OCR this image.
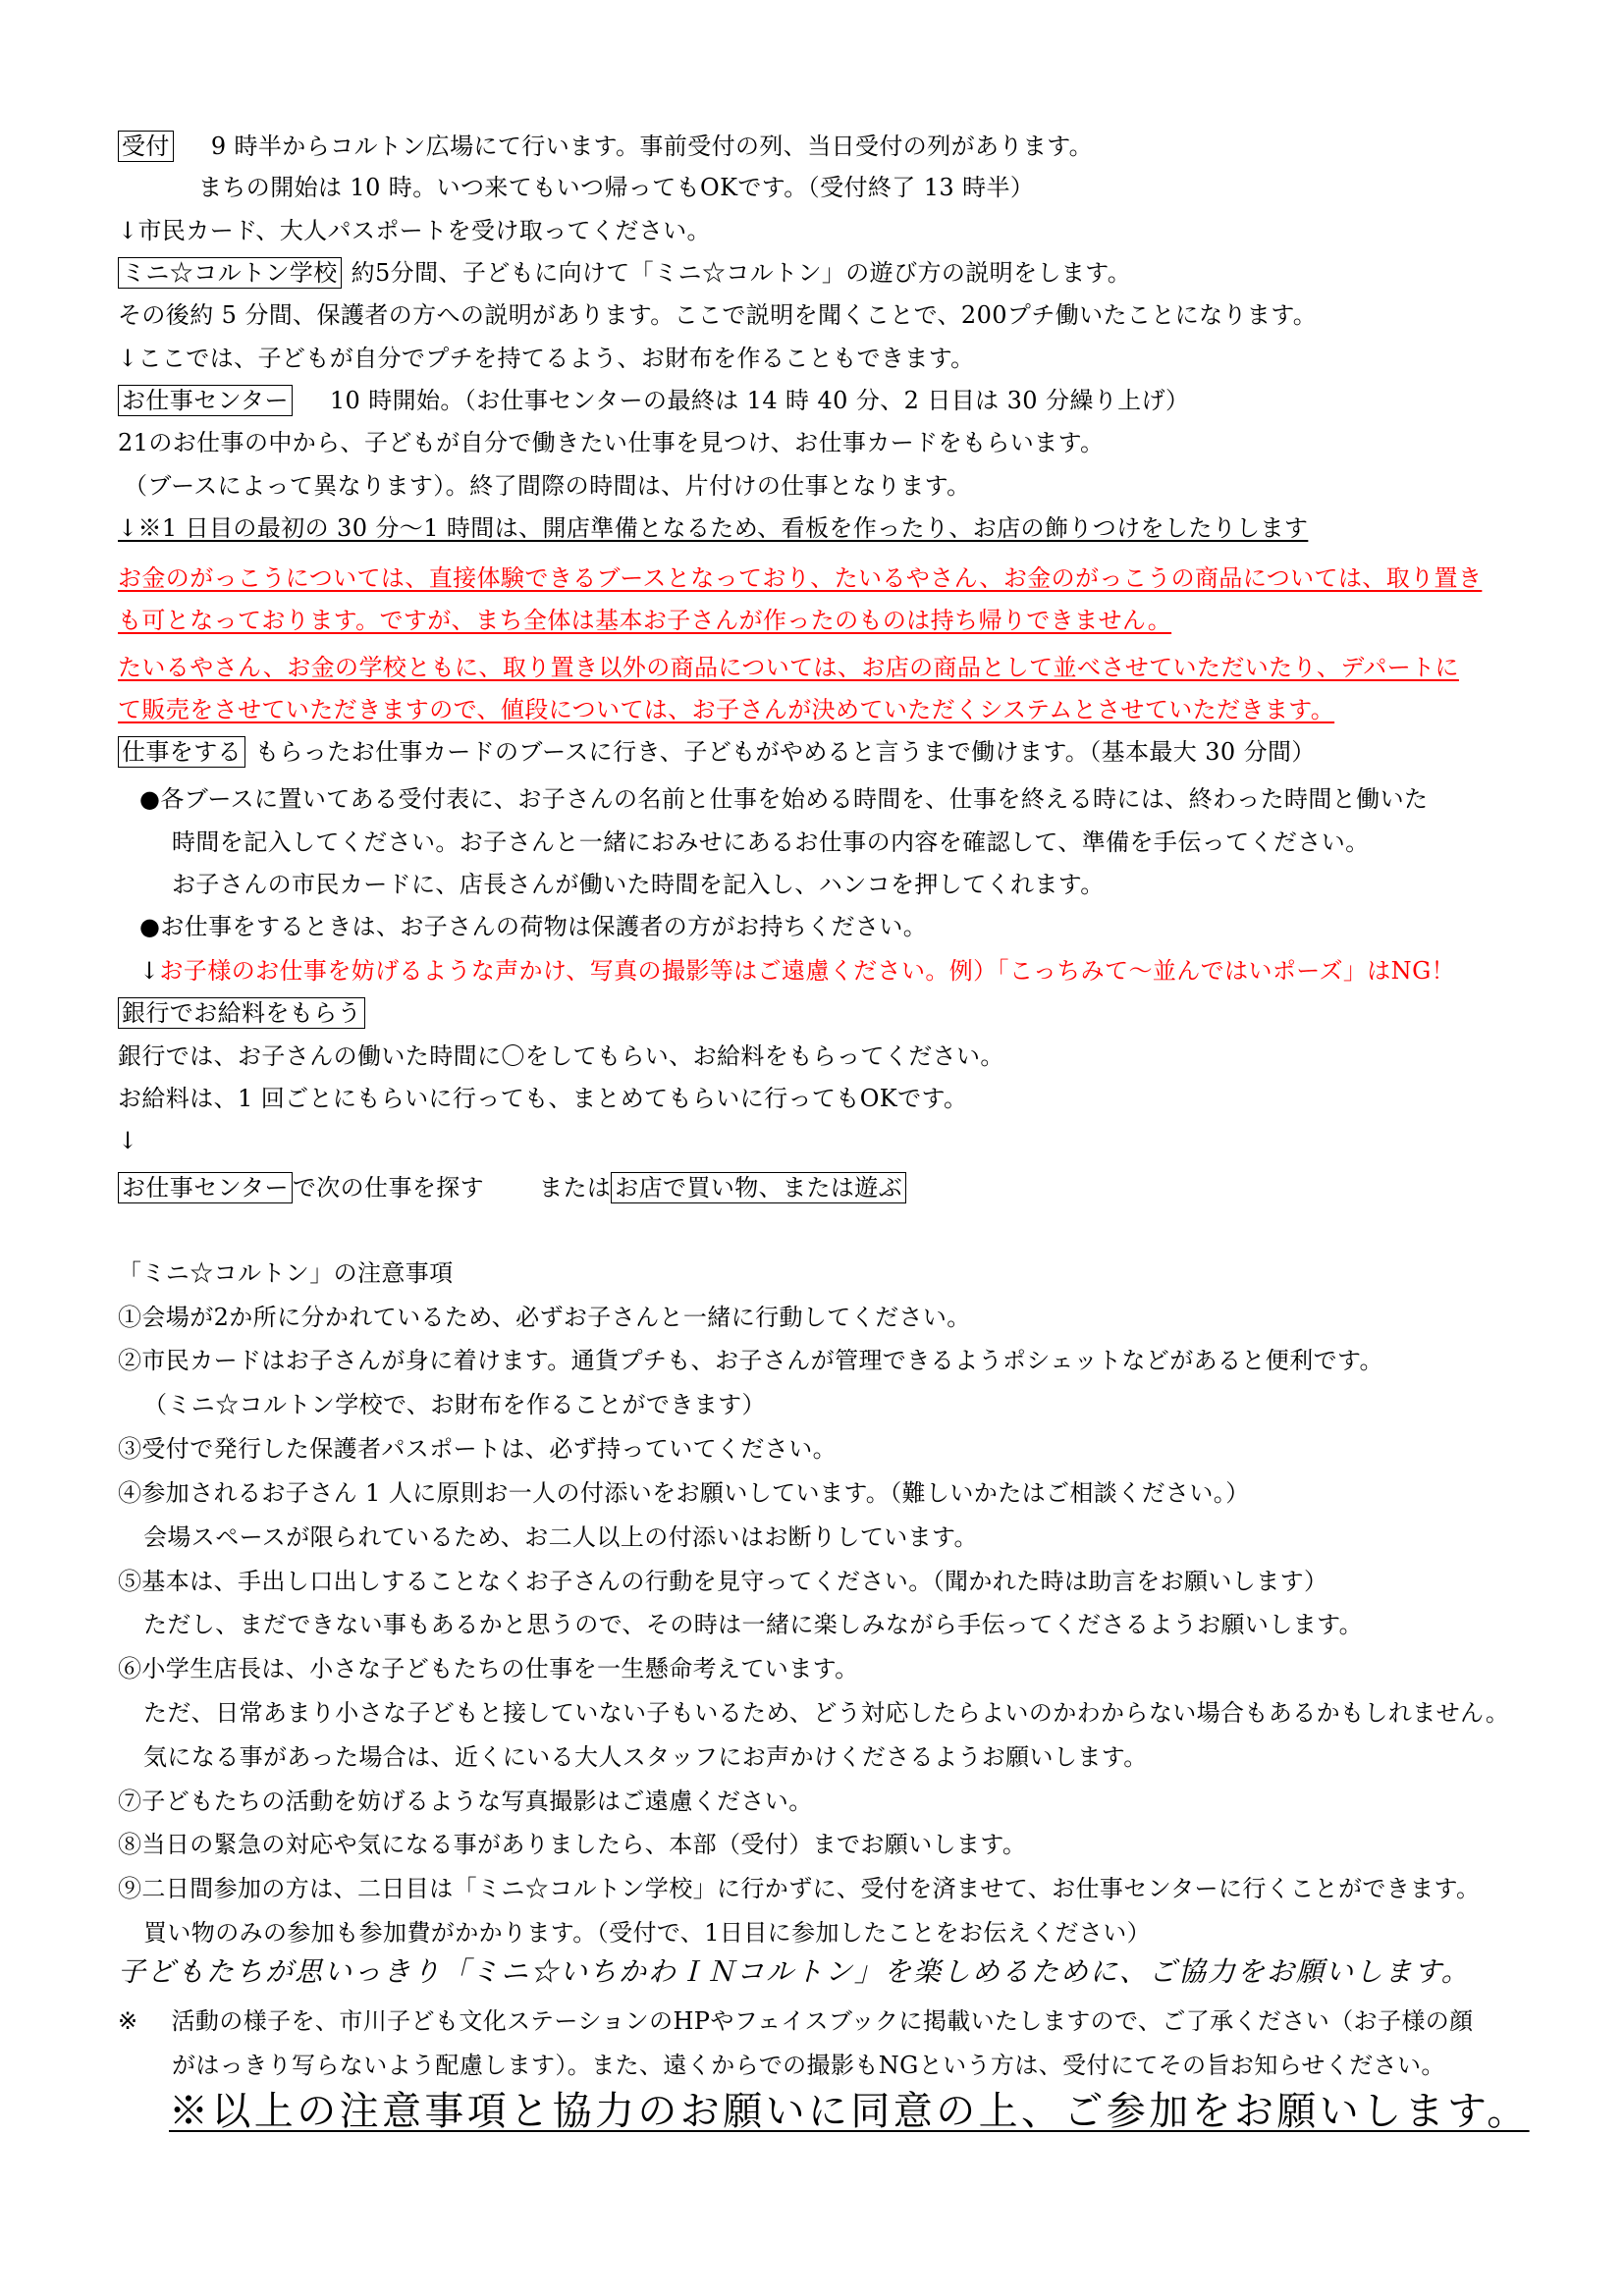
受付 9 時半からコルトン広場にて行います。事前受付の列、当日受付の列があります。
まちの開始は 10 時。いつ来てもいつ帰ってもOKです。（受付終了 13 時半）
↓市民カード、大人パスポートを受け取ってください。
ミニ☆コルトン学校 約5分間、子どもに向けて「ミニ☆コルトン」の遊び方の説明をします。
その後約 5 分間、保護者の方への説明があります。ここで説明を聞くことで、200プチ働いたことになります。
↓ここでは、子どもが自分でプチを持てるよう、お財布を作ることもできます。
お仕事センター 10 時開始。（お仕事センターの最終は 14 時 40 分、2 日目は 30 分繰り上げ）
21のお仕事の中から、子どもが自分で働きたい仕事を見つけ、お仕事カードをもらいます。
（ブースによって異なります）。終了間際の時間は、片付けの仕事となります。
↓※1 日目の最初の 30 分～1 時間は、開店準備となるため、看板を作ったり、お店の飾りつけをしたりします
お金のがっこうについては、直接体験できるブースとなっており、たいるやさん、お金のがっこうの商品については、取り置き
も可となっております。ですが、まち全体は基本お子さんが作ったのものは持ち帰りできません。
たいるやさん、お金の学校ともに、取り置き以外の商品については、お店の商品として並べさせていただいたり、デパートに
て販売をさせていただきますので、値段については、お子さんが決めていただくシステムとさせていただきます。
仕事をする もらったお仕事カードのブースに行き、子どもがやめると言うまで働けます。（基本最大 30 分間）
●各ブースに置いてある受付表に、お子さんの名前と仕事を始める時間を、仕事を終える時には、終わった時間と働いた
時間を記入してください。お子さんと一緒におみせにあるお仕事の内容を確認して、準備を手伝ってください。
お子さんの市民カードに、店長さんが働いた時間を記入し、ハンコを押してくれます。
●お仕事をするときは、お子さんの荷物は保護者の方がお持ちください。
↓お子様のお仕事を妨げるような声かけ、写真の撮影等はご遠慮ください。例）「こっちみて～並んではいポーズ」はNG！
銀行でお給料をもらう
銀行では、お子さんの働いた時間に〇をしてもらい、お給料をもらってください。
お給料は、1 回ごとにもらいに行っても、まとめてもらいに行ってもOKです。
↓
お仕事センター で次の仕事を探す または お店で買い物、または遊ぶ
「ミニ☆コルトン」の注意事項
①会場が2か所に分かれているため、必ずお子さんと一緒に行動してください。
②市民カードはお子さんが身に着けます。通貨プチも、お子さんが管理できるようポシェットなどがあると便利です。
（ミニ☆コルトン学校で、お財布を作ることができます）
③受付で発行した保護者パスポートは、必ず持っていてください。
④参加されるお子さん 1 人に原則お一人の付添いをお願いしています。（難しいかたはご相談ください。）
会場スペースが限られているため、お二人以上の付添いはお断りしています。
⑤基本は、手出し口出しすることなくお子さんの行動を見守ってください。（聞かれた時は助言をお願いします）
ただし、まだできない事もあるかと思うので、その時は一緒に楽しみながら手伝ってくださるようお願いします。
⑥小学生店長は、小さな子どもたちの仕事を一生懸命考えています。
ただ、日常あまり小さな子どもと接していない子もいるため、どう対応したらよいのかわからない場合もあるかもしれません。
気になる事があった場合は、近くにいる大人スタッフにお声かけくださるようお願いします。
⑦子どもたちの活動を妨げるような写真撮影はご遠慮ください。
⑧当日の緊急の対応や気になる事がありましたら、本部（受付）までお願いします。
⑨二日間参加の方は、二日目は「ミニ☆コルトン学校」に行かずに、受付を済ませて、お仕事センターに行くことができます。
買い物のみの参加も参加費がかかります。（受付で、1日目に参加したことをお伝えください）
子どもたちが思いっきり「ミニ☆いちかわＩＮコルトン」を楽しめるために、ご協力をお願いします。
※ 活動の様子を、市川子ども文化ステーションのHPやフェイスブックに掲載いたしますので、ご了承ください（お子様の顔
がはっきり写らないよう配慮します）。また、遠くからでの撮影もNGという方は、受付にてその旨お知らせください。
※以上の注意事項と協力のお願いに同意の上、ご参加をお願いします。
